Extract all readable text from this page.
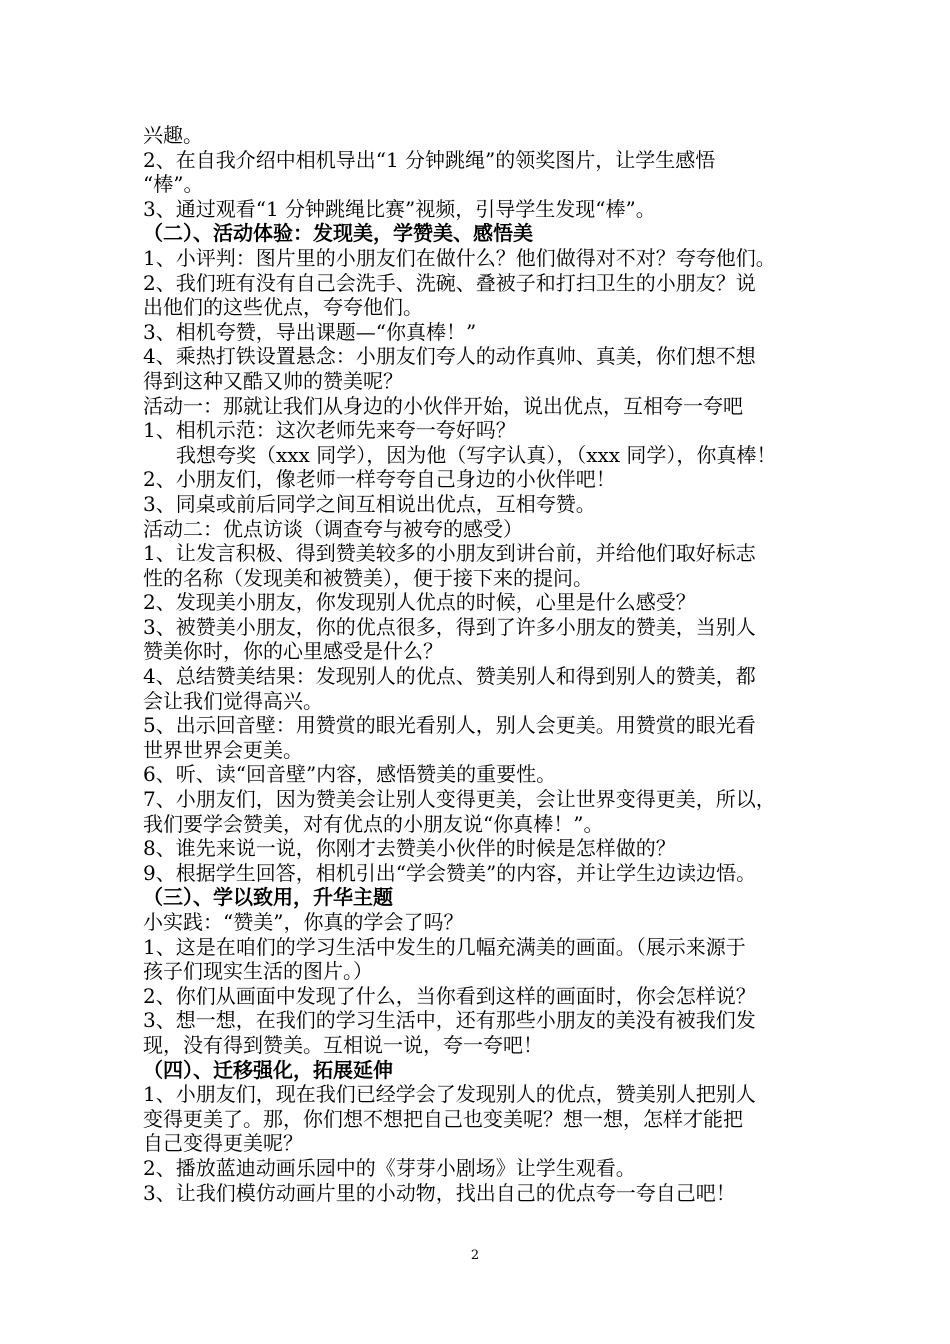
兴趣。
2、在自我介绍中相机导出“1 分钟跳绳”的领奖图片，让学生感悟
“棒”。
3、通过观看“1 分钟跳绳比赛”视频，引导学生发现“棒”。
（二）、活动体验：发现美，学赞美、感悟美
1、小评判：图片里的小朋友们在做什么？他们做得对不对？夸夸他们。
2、我们班有没有自己会洗手、洗碗、叠被子和打扫卫生的小朋友？说
出他们的这些优点，夸夸他们。
3、相机夸赞，导出课题—“你真棒！”
4、乘热打铁设置悬念：小朋友们夸人的动作真帅、真美，你们想不想
得到这种又酷又帅的赞美呢？
活动一：那就让我们从身边的小伙伴开始，说出优点，互相夸一夸吧
1、相机示范：这次老师先来夸一夸好吗？
我想夸奖（xxx 同学），因为他（写字认真），（xxx 同学），你真棒！
2、小朋友们，像老师一样夸夸自己身边的小伙伴吧！
3、同桌或前后同学之间互相说出优点，互相夸赞。
活动二：优点访谈（调查夸与被夸的感受）
1、让发言积极、得到赞美较多的小朋友到讲台前，并给他们取好标志
性的名称（发现美和被赞美），便于接下来的提问。
2、发现美小朋友，你发现别人优点的时候，心里是什么感受？
3、被赞美小朋友，你的优点很多，得到了许多小朋友的赞美，当别人
赞美你时，你的心里感受是什么？
4、总结赞美结果：发现别人的优点、赞美别人和得到别人的赞美，都
会让我们觉得高兴。
5、出示回音壁：用赞赏的眼光看别人，别人会更美。用赞赏的眼光看
世界世界会更美。
6、听、读“回音壁”内容，感悟赞美的重要性。
7、小朋友们，因为赞美会让别人变得更美，会让世界变得更美，所以，
我们要学会赞美，对有优点的小朋友说“你真棒！”。
8、谁先来说一说，你刚才去赞美小伙伴的时候是怎样做的？
9、根据学生回答，相机引出“学会赞美”的内容，并让学生边读边悟。
（三）、学以致用，升华主题
小实践：“赞美”，你真的学会了吗？
1、这是在咱们的学习生活中发生的几幅充满美的画面。（展示来源于
孩子们现实生活的图片。）
2、你们从画面中发现了什么，当你看到这样的画面时，你会怎样说？
3、想一想，在我们的学习生活中，还有那些小朋友的美没有被我们发
现，没有得到赞美。互相说一说，夸一夸吧！
（四）、迁移强化，拓展延伸
1、小朋友们，现在我们已经学会了发现别人的优点，赞美别人把别人
变得更美了。那，你们想不想把自己也变美呢？想一想，怎样才能把
自己变得更美呢？
2、播放蓝迪动画乐园中的《芽芽小剧场》让学生观看。
3、让我们模仿动画片里的小动物，找出自己的优点夸一夸自己吧！
2
